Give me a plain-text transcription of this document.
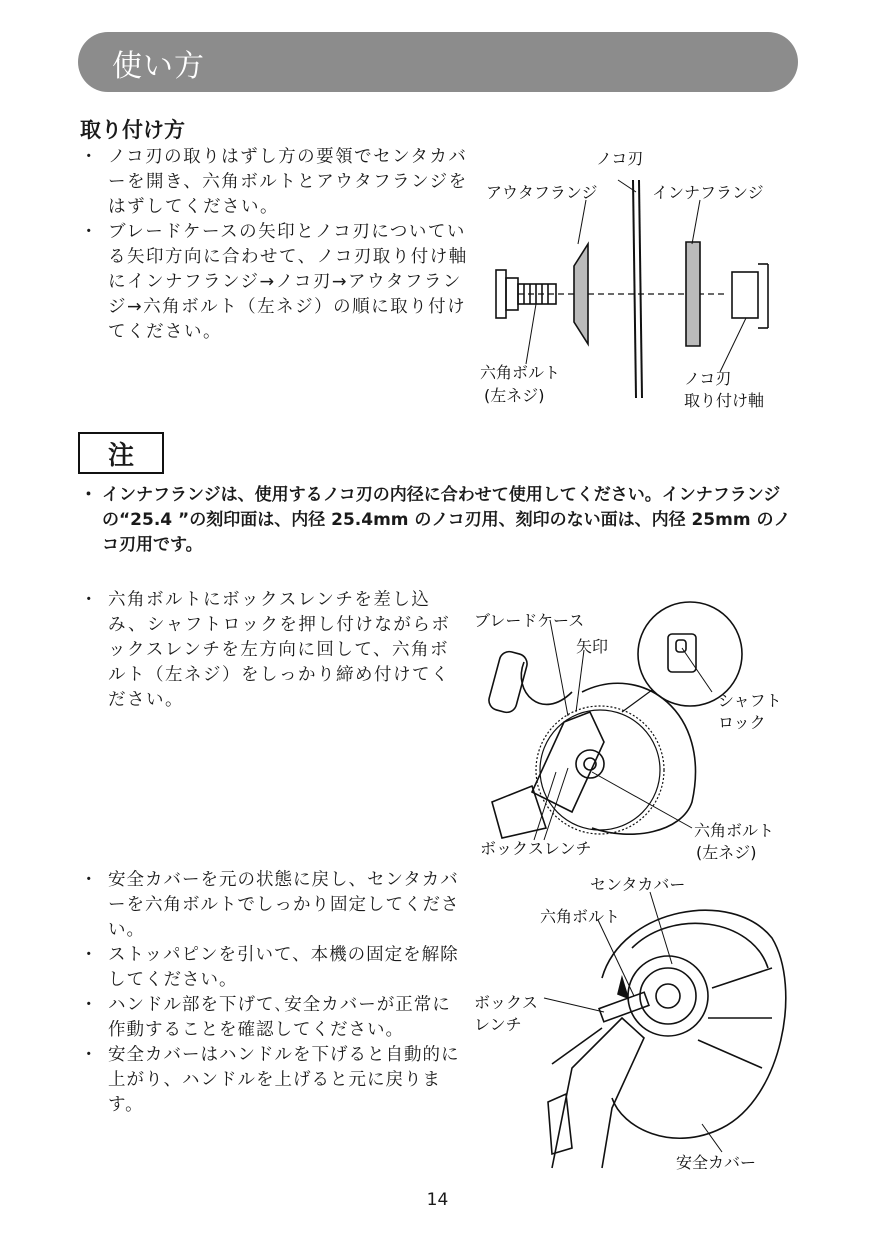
使い方
取り付け方
・ ノコ刃の取りはずし方の要領でセンタカバーを開き、六角ボルトとアウタフランジをはずしてください。
・ ブレードケースの矢印とノコ刃についている矢印方向に合わせて、ノコ刃取り付け軸にインナフランジ→ノコ刃→アウタフランジ→六角ボルト（左ネジ）の順に取り付けてください。
ノコ刃
アウタフランジ	インナフランジ
六角ボルト
(左ネジ)
ノコ刃
取り付け軸
注
・ インナフランジは、使用するノコ刃の内径に合わせて使用してください。インナフランジの“25.4 ”の刻印面は、内径 25.4mm のノコ刃用、刻印のない面は、内径 25mm のノコ刃用です。
・ 六角ボルトにボックスレンチを差し込み、シャフトロックを押し付けながらボックスレンチを左方向に回して、六角ボルト（左ネジ）をしっかり締め付けてください。
ブレードケース
矢印
シャフト
ロック
六角ボルト
(左ネジ)
ボックスレンチ
・ 安全カバーを元の状態に戻し、センタカバーを六角ボルトでしっかり固定してください。
・ ストッパピンを引いて、本機の固定を解除してください。
・ ハンドル部を下げて､安全カバーが正常に作動することを確認してください。
・ 安全カバーはハンドルを下げると自動的に上がり、ハンドルを上げると元に戻ります。
センタカバー
六角ボルト
ボックス
レンチ
安全カバー
14
